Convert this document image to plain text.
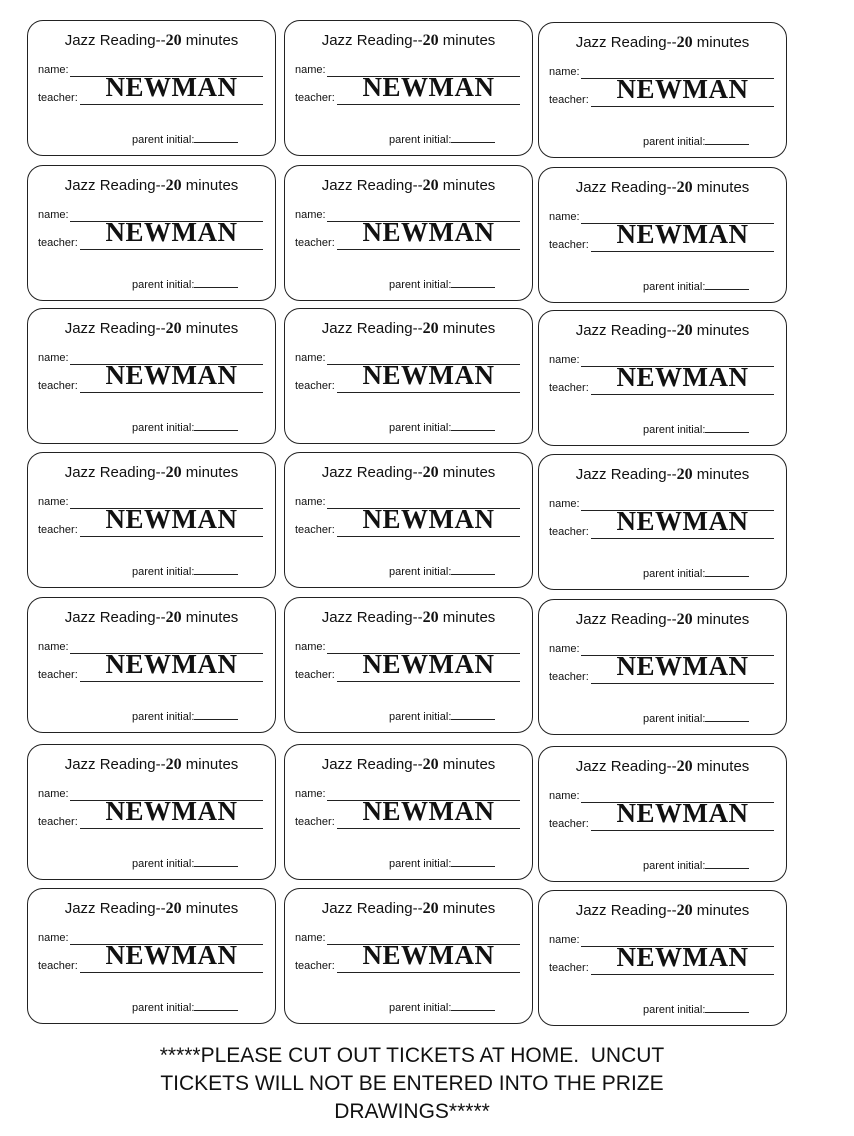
Jazz Reading--20 minutes
name:
teacher:	NEWMAN
parent initial:
Jazz Reading--20 minutes
name:
teacher:	NEWMAN
parent initial:
Jazz Reading--20 minutes
name:
teacher:	NEWMAN
parent initial:
Jazz Reading--20 minutes
name:
teacher:	NEWMAN
parent initial:
Jazz Reading--20 minutes
name:
teacher:	NEWMAN
parent initial:
Jazz Reading--20 minutes
name:
teacher:	NEWMAN
parent initial:
Jazz Reading--20 minutes
name:
teacher:	NEWMAN
parent initial:
Jazz Reading--20 minutes
name:
teacher:	NEWMAN
parent initial:
Jazz Reading--20 minutes
name:
teacher:	NEWMAN
parent initial:
Jazz Reading--20 minutes
name:
teacher:	NEWMAN
parent initial:
Jazz Reading--20 minutes
name:
teacher:	NEWMAN
parent initial:
Jazz Reading--20 minutes
name:
teacher:	NEWMAN
parent initial:
Jazz Reading--20 minutes
name:
teacher:	NEWMAN
parent initial:
Jazz Reading--20 minutes
name:
teacher:	NEWMAN
parent initial:
Jazz Reading--20 minutes
name:
teacher:	NEWMAN
parent initial:
Jazz Reading--20 minutes
name:
teacher:	NEWMAN
parent initial:
Jazz Reading--20 minutes
name:
teacher:	NEWMAN
parent initial:
Jazz Reading--20 minutes
name:
teacher:	NEWMAN
parent initial:
Jazz Reading--20 minutes
name:
teacher:	NEWMAN
parent initial:
Jazz Reading--20 minutes
name:
teacher:	NEWMAN
parent initial:
Jazz Reading--20 minutes
name:
teacher:	NEWMAN
parent initial:
*****PLEASE CUT OUT TICKETS AT HOME.  UNCUT
TICKETS WILL NOT BE ENTERED INTO THE PRIZE
DRAWINGS*****
